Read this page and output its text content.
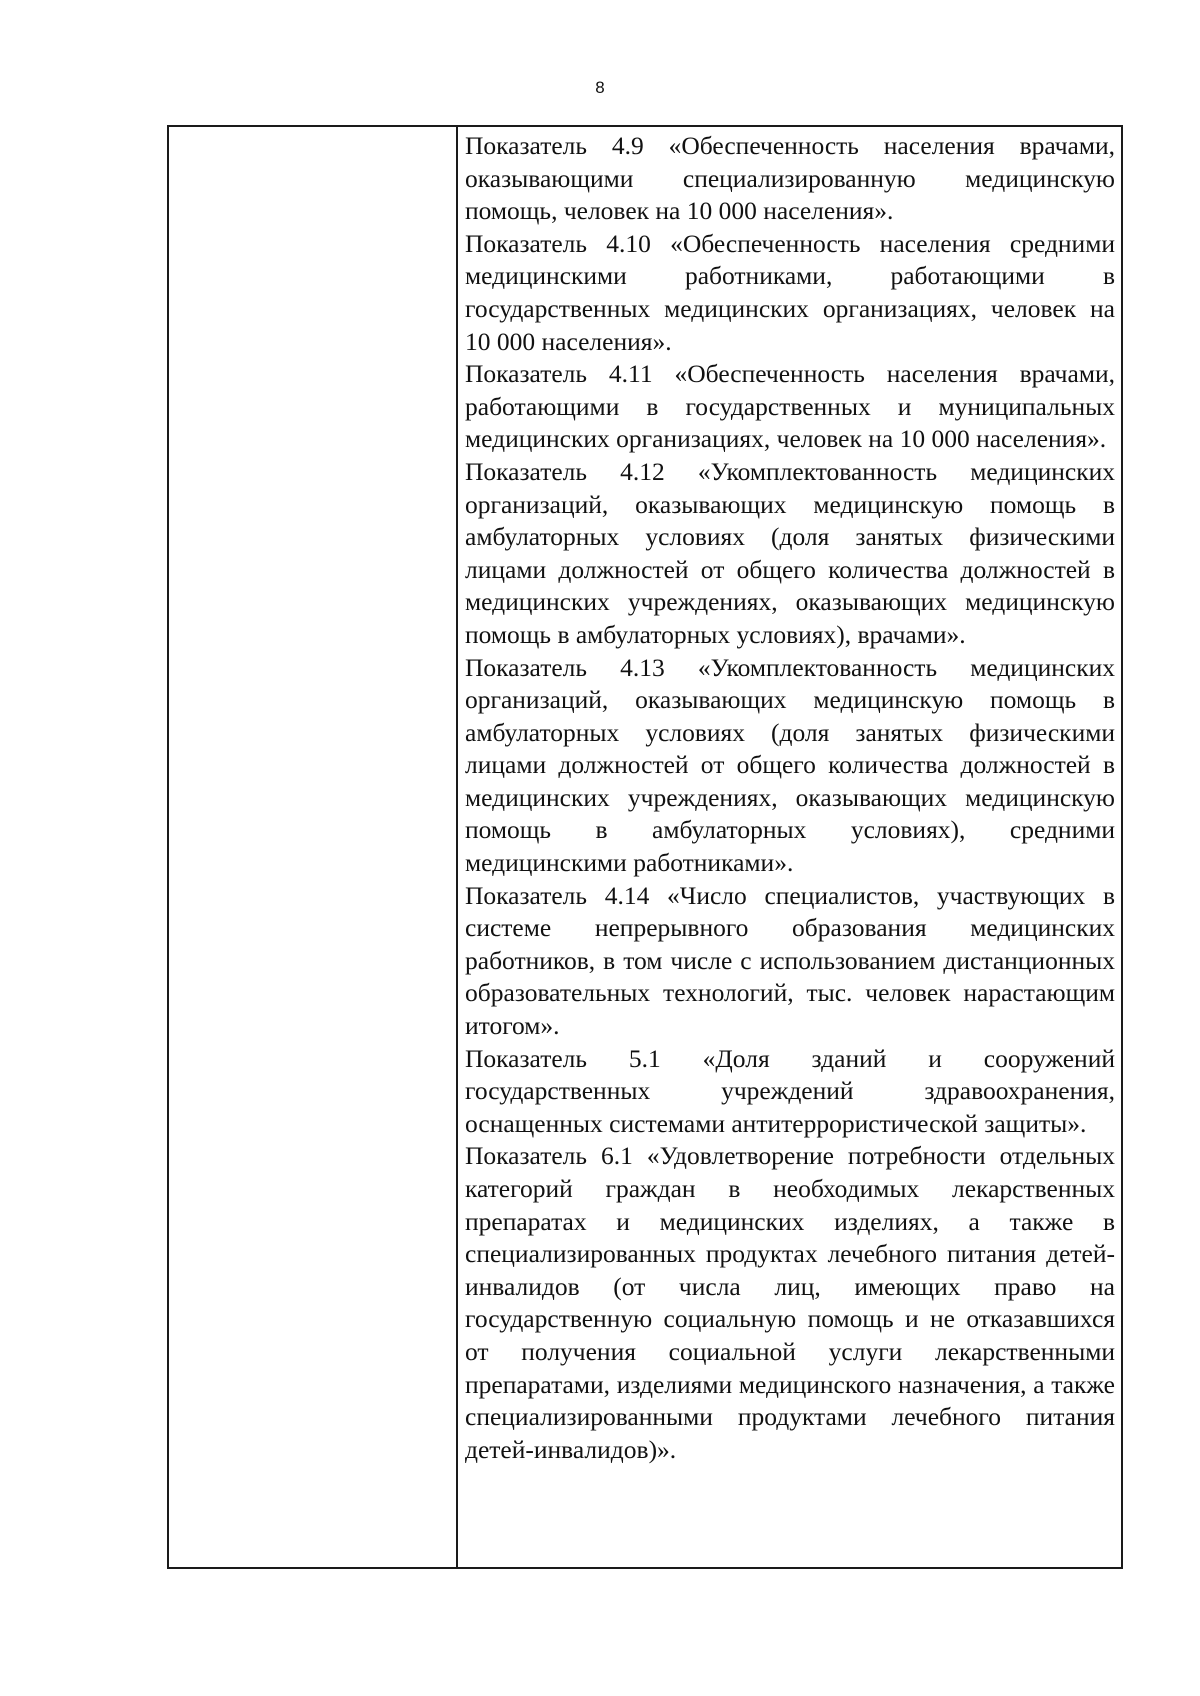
8

Показатель 4.9 «Обеспеченность населения врачами, оказывающими специализированную медицинскую помощь, человек на 10 000 населения».

Показатель 4.10 «Обеспеченность населения средними медицинскими работниками, работающими в государственных медицинских организациях, человек на 10 000 населения».

Показатель 4.11 «Обеспеченность населения врачами, работающими в государственных и муниципальных медицинских организациях, человек на 10 000 населения».

Показатель 4.12 «Укомплектованность медицинских организаций, оказывающих медицинскую помощь в амбулаторных условиях (доля занятых физическими лицами должностей от общего количества должностей в медицинских учреждениях, оказывающих медицинскую помощь в амбулаторных условиях), врачами».

Показатель 4.13 «Укомплектованность медицинских организаций, оказывающих медицинскую помощь в амбулаторных условиях (доля занятых физическими лицами должностей от общего количества должностей в медицинских учреждениях, оказывающих медицинскую помощь в амбулаторных условиях), средними медицинскими работниками».

Показатель 4.14 «Число специалистов, участвующих в системе непрерывного образования медицинских работников, в том числе с использованием дистанционных образовательных технологий, тыс. человек нарастающим итогом».

Показатель 5.1 «Доля зданий и сооружений государственных учреждений здравоохранения, оснащенных системами антитеррористической защиты».

Показатель 6.1 «Удовлетворение потребности отдельных категорий граждан в необходимых лекарственных препаратах и медицинских изделиях, а также в специализированных продуктах лечебного питания детей-инвалидов (от числа лиц, имеющих право на государственную социальную помощь и не отказавшихся от получения социальной услуги лекарственными препаратами, изделиями медицинского назначения, а также специализированными продуктами лечебного питания детей-инвалидов)».
